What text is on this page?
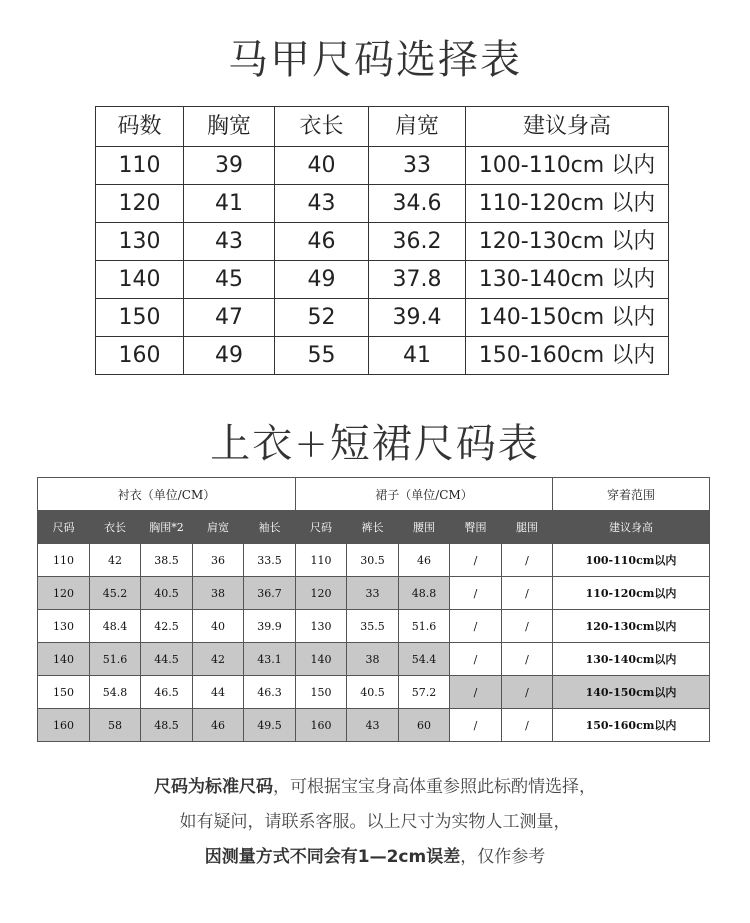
马甲尺码选择表
码数	胸宽	衣长	肩宽	建议身高
110	39	40	33	100-110cm 以内
120	41	43	34.6	110-120cm 以内
130	43	46	36.2	120-130cm 以内
140	45	49	37.8	130-140cm 以内
150	47	52	39.4	140-150cm 以内
160	49	55	41	150-160cm 以内
上衣+短裙尺码表
衬衣（单位/CM）					裙子（单位/CM）					穿着范围
尺码	衣长	胸围*2	肩宽	袖长	尺码	裤长	腰围	臀围	腿围	建议身高
110	42	38.5	36	33.5	110	30.5	46	/	/	100-110cm以内
120	45.2	40.5	38	36.7	120	33	48.8	/	/	110-120cm以内
130	48.4	42.5	40	39.9	130	35.5	51.6	/	/	120-130cm以内
140	51.6	44.5	42	43.1	140	38	54.4	/	/	130-140cm以内
150	54.8	46.5	44	46.3	150	40.5	57.2	/	/	140-150cm以内
160	58	48.5	46	49.5	160	43	60	/	/	150-160cm以内
尺码为标准尺码，可根据宝宝身高体重参照此标酌情选择，
如有疑问，请联系客服。以上尺寸为实物人工测量，
因测量方式不同会有1—2cm误差，仅作参考
